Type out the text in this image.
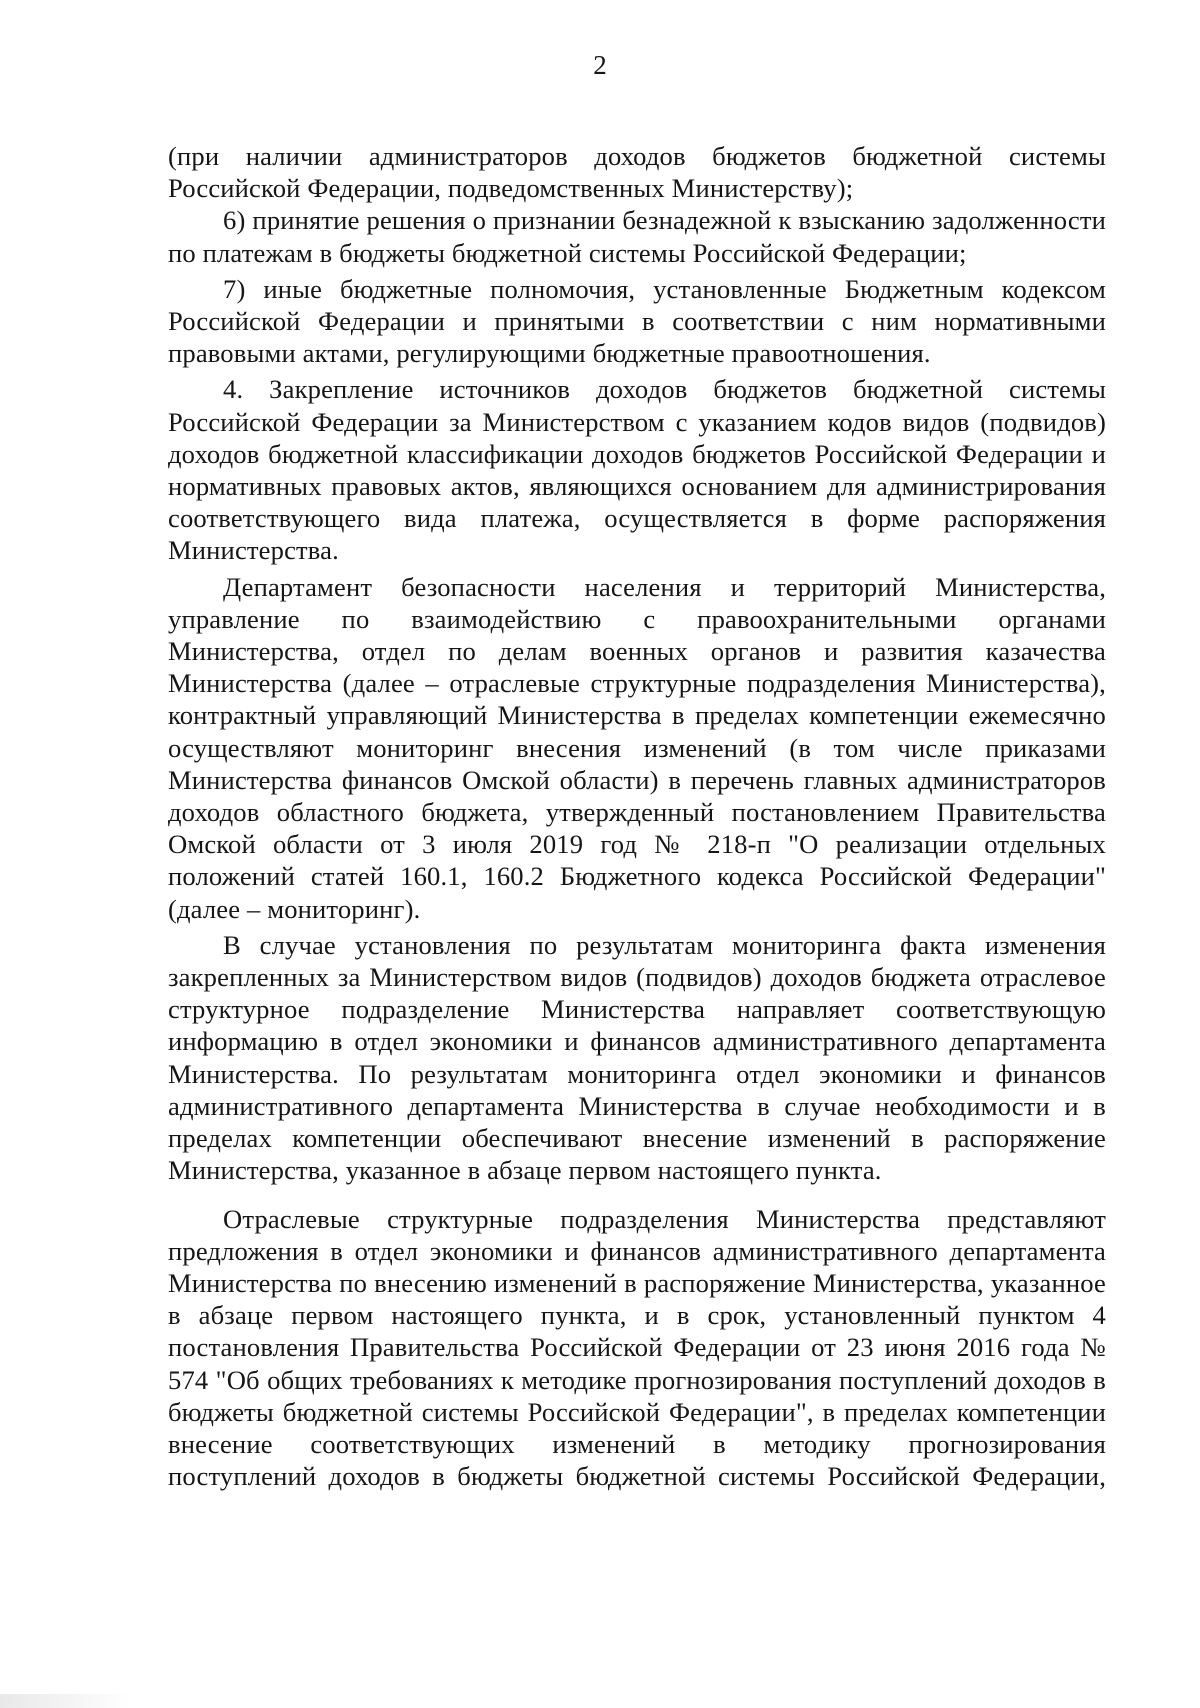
2

(при наличии администраторов доходов бюджетов бюджетной системы Российской Федерации, подведомственных Министерству);

6) принятие решения о признании безнадежной к взысканию задолженности по платежам в бюджеты бюджетной системы Российской Федерации;

7) иные бюджетные полномочия, установленные Бюджетным кодексом Российской Федерации и принятыми в соответствии с ним нормативными правовыми актами, регулирующими бюджетные правоотношения.

4. Закрепление источников доходов бюджетов бюджетной системы Российской Федерации за Министерством с указанием кодов видов (подвидов) доходов бюджетной классификации доходов бюджетов Российской Федерации и нормативных правовых актов, являющихся основанием для администрирования соответствующего вида платежа, осуществляется в форме распоряжения Министерства.

Департамент безопасности населения и территорий Министерства, управление по взаимодействию с правоохранительными органами Министерства, отдел по делам военных органов и развития казачества Министерства (далее – отраслевые структурные подразделения Министерства), контрактный управляющий Министерства в пределах компетенции ежемесячно осуществляют мониторинг внесения изменений (в том числе приказами Министерства финансов Омской области) в перечень главных администраторов доходов областного бюджета, утвержденный постановлением Правительства Омской области от 3 июля 2019 год № 218-п "О реализации отдельных положений статей 160.1, 160.2 Бюджетного кодекса Российской Федерации" (далее – мониторинг).

В случае установления по результатам мониторинга факта изменения закрепленных за Министерством видов (подвидов) доходов бюджета отраслевое структурное подразделение Министерства направляет соответствующую информацию в отдел экономики и финансов административного департамента Министерства. По результатам мониторинга отдел экономики и финансов административного департамента Министерства в случае необходимости и в пределах компетенции обеспечивают внесение изменений в распоряжение Министерства, указанное в абзаце первом настоящего пункта.

Отраслевые структурные подразделения Министерства представляют предложения в отдел экономики и финансов административного департамента Министерства по внесению изменений в распоряжение Министерства, указанное в абзаце первом настоящего пункта, и в срок, установленный пунктом 4 постановления Правительства Российской Федерации от 23 июня 2016 года № 574 "Об общих требованиях к методике прогнозирования поступлений доходов в бюджеты бюджетной системы Российской Федерации", в пределах компетенции внесение соответствующих изменений в методику прогнозирования поступлений доходов в бюджеты бюджетной системы Российской Федерации,
